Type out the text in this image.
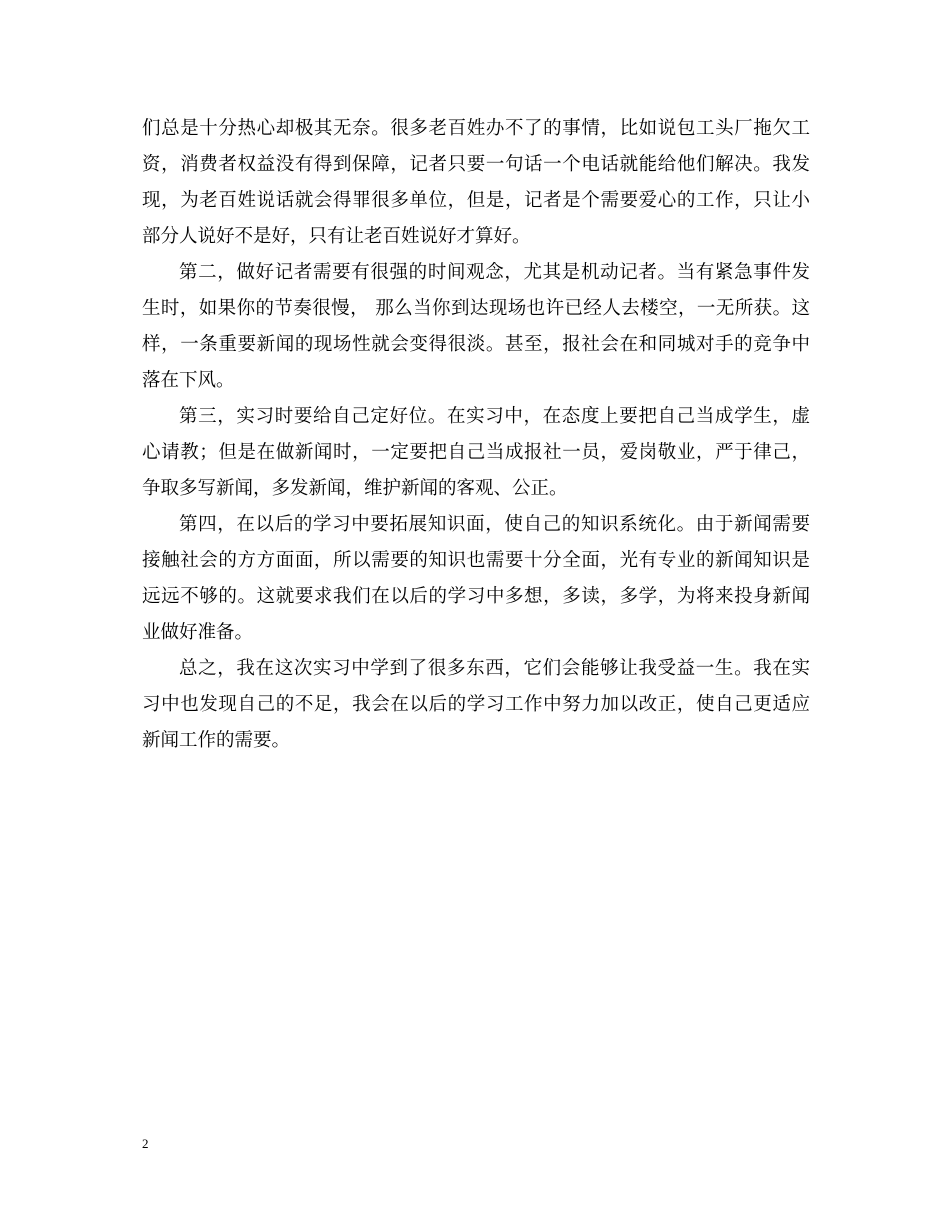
们总是十分热心却极其无奈。很多老百姓办不了的事情，比如说包工头厂拖欠工
资，消费者权益没有得到保障，记者只要一句话一个电话就能给他们解决。我发
现，为老百姓说话就会得罪很多单位，但是，记者是个需要爱心的工作，只让小
部分人说好不是好，只有让老百姓说好才算好。
第二，做好记者需要有很强的时间观念，尤其是机动记者。当有紧急事件发
生时，如果你的节奏很慢， 那么当你到达现场也许已经人去楼空，一无所获。这
样，一条重要新闻的现场性就会变得很淡。甚至，报社会在和同城对手的竞争中
落在下风。
第三，实习时要给自己定好位。在实习中，在态度上要把自己当成学生，虚
心请教；但是在做新闻时，一定要把自己当成报社一员，爱岗敬业，严于律己，
争取多写新闻，多发新闻，维护新闻的客观、公正。
第四，在以后的学习中要拓展知识面，使自己的知识系统化。由于新闻需要
接触社会的方方面面，所以需要的知识也需要十分全面，光有专业的新闻知识是
远远不够的。这就要求我们在以后的学习中多想，多读，多学，为将来投身新闻
业做好准备。
总之，我在这次实习中学到了很多东西，它们会能够让我受益一生。我在实
习中也发现自己的不足，我会在以后的学习工作中努力加以改正，使自己更适应
新闻工作的需要。
2
